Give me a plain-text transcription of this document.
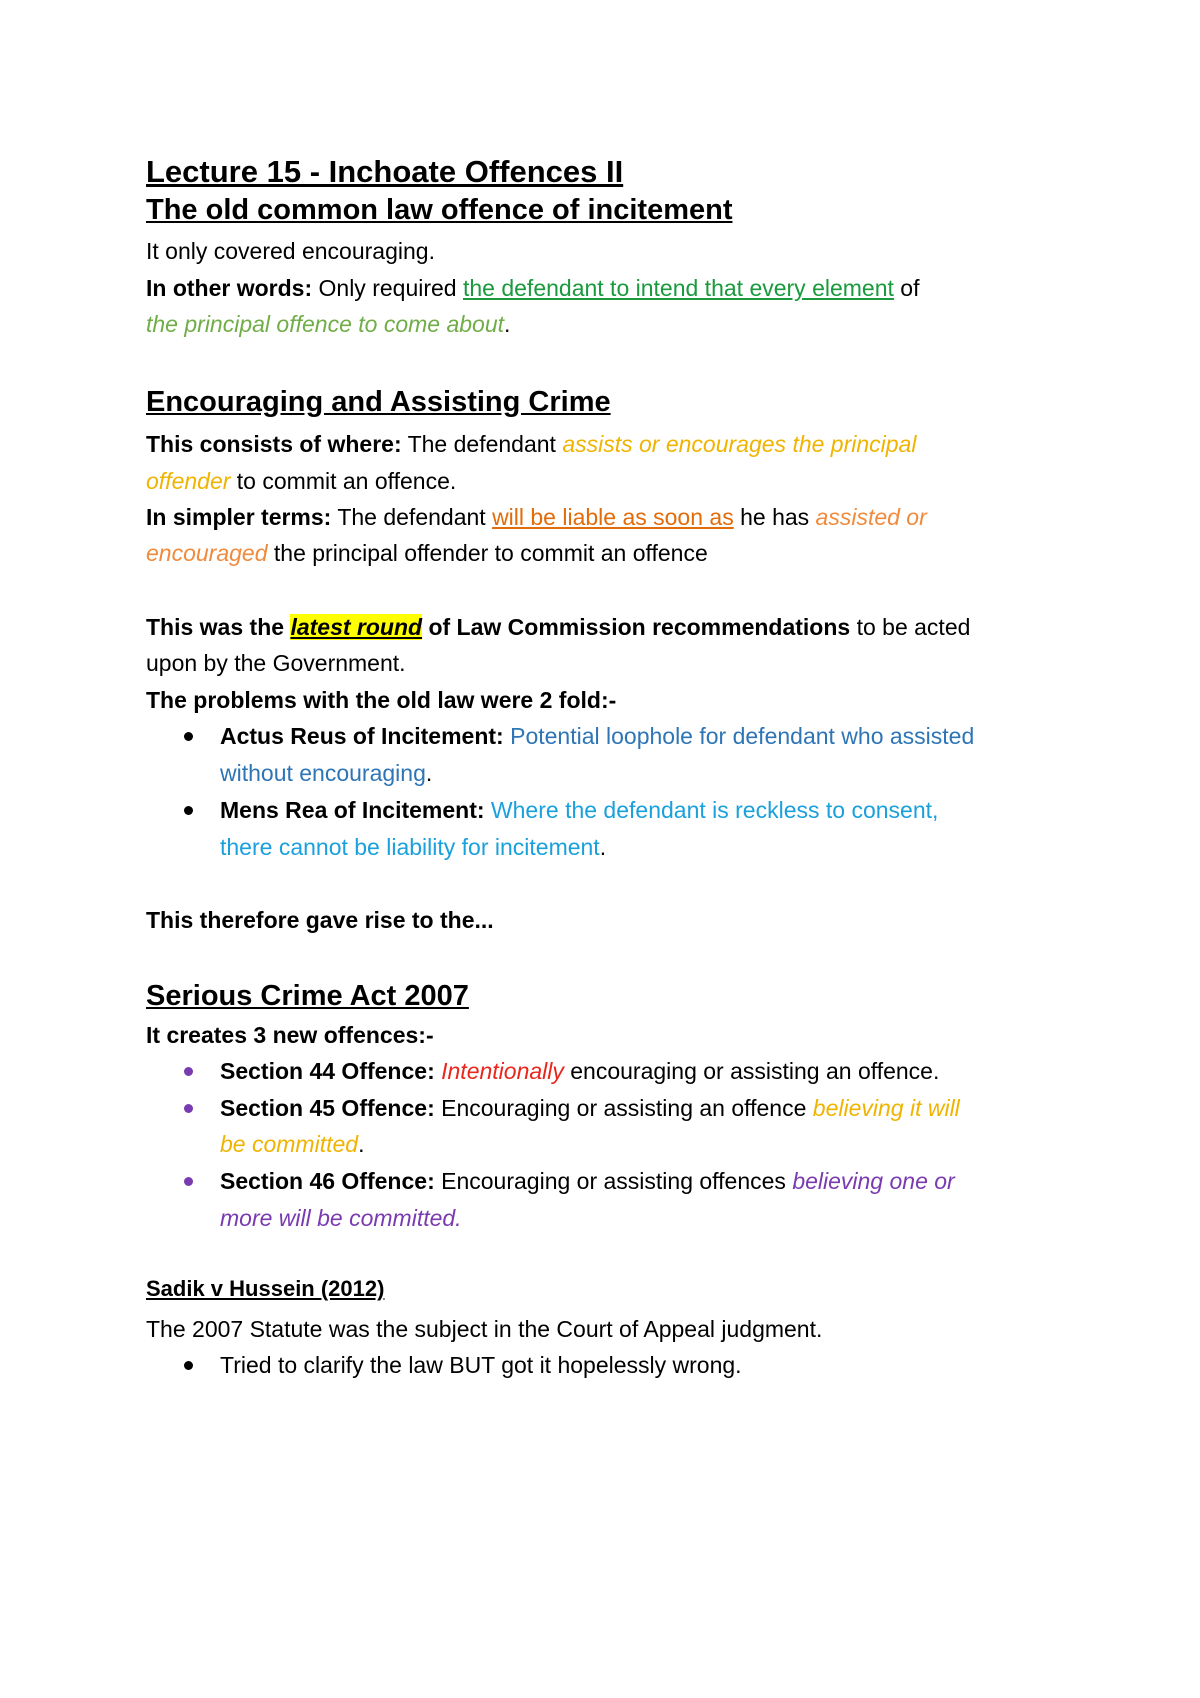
Lecture 15 - Inchoate Offences II
The old common law offence of incitement

It only covered encouraging.

In other words: Only required the defendant to intend that every element of

the principal offence to come about.

Encouraging and Assisting Crime

This consists of where: The defendant assists or encourages the principal

offender to commit an offence.

In simpler terms: The defendant will be liable as soon as he has assisted or

encouraged the principal offender to commit an offence

This was the latest round of Law Commission recommendations to be acted

upon by the Government.

The problems with the old law were 2 fold:-

Actus Reus of Incitement: Potential loophole for defendant who assisted
without encouraging.
Mens Rea of Incitement: Where the defendant is reckless to consent,
there cannot be liability for incitement.

This therefore gave rise to the...

Serious Crime Act 2007

It creates 3 new offences:-

Section 44 Offence: Intentionally encouraging or assisting an offence.
Section 45 Offence: Encouraging or assisting an offence believing it will
be committed.
Section 46 Offence: Encouraging or assisting offences believing one or
more will be committed.
Sadik v Hussein (2012)

The 2007 Statute was the subject in the Court of Appeal judgment.

Tried to clarify the law BUT got it hopelessly wrong.
